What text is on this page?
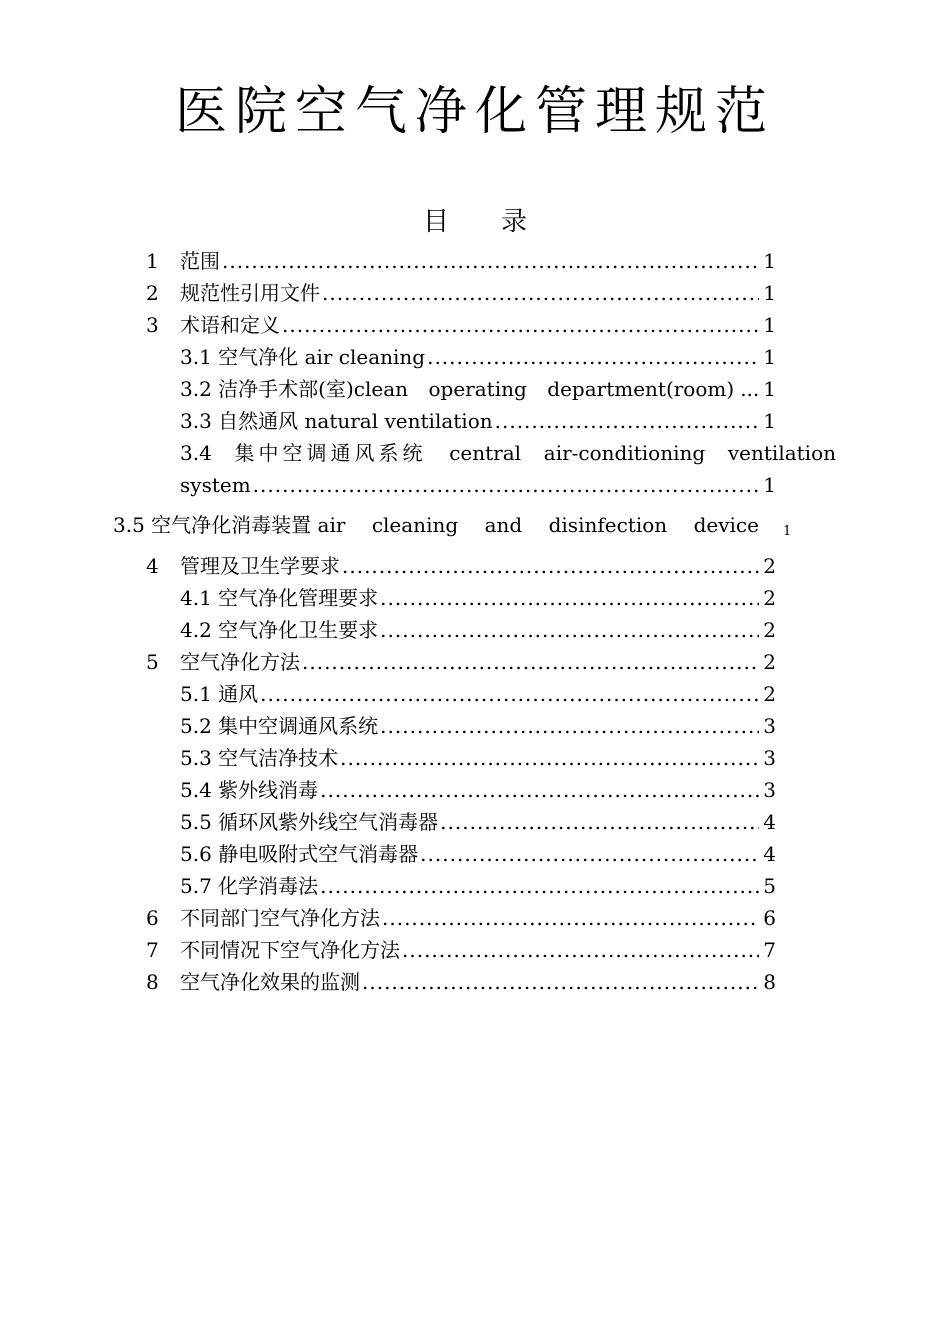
医院空气净化管理规范
目 录
1	范围 .....	1
2	规范性引用文件 .....	1
3	术语和定义 .....	1
3.1 空气净化 air cleaning .....	1
3.2 洁净手术部(室)clean operating department(room) ... 1
3.3 自然通风 natural ventilation .....	1
3.4 集中空调通风系统 central air-conditioning ventilation
system .....	1
3.5 空气净化消毒装置 air cleaning and disinfection device 1
4	管理及卫生学要求 .....	2
4.1 空气净化管理要求 .....	2
4.2 空气净化卫生要求 .....	2
5	空气净化方法 .....	2
5.1 通风 .....	2
5.2 集中空调通风系统 .....	3
5.3 空气洁净技术 .....	3
5.4 紫外线消毒 .....	3
5.5 循环风紫外线空气消毒器 .....	4
5.6 静电吸附式空气消毒器 .....	4
5.7 化学消毒法 .....	5
6	不同部门空气净化方法 .....	6
7	不同情况下空气净化方法 .....	7
8	空气净化效果的监测 .....	8
